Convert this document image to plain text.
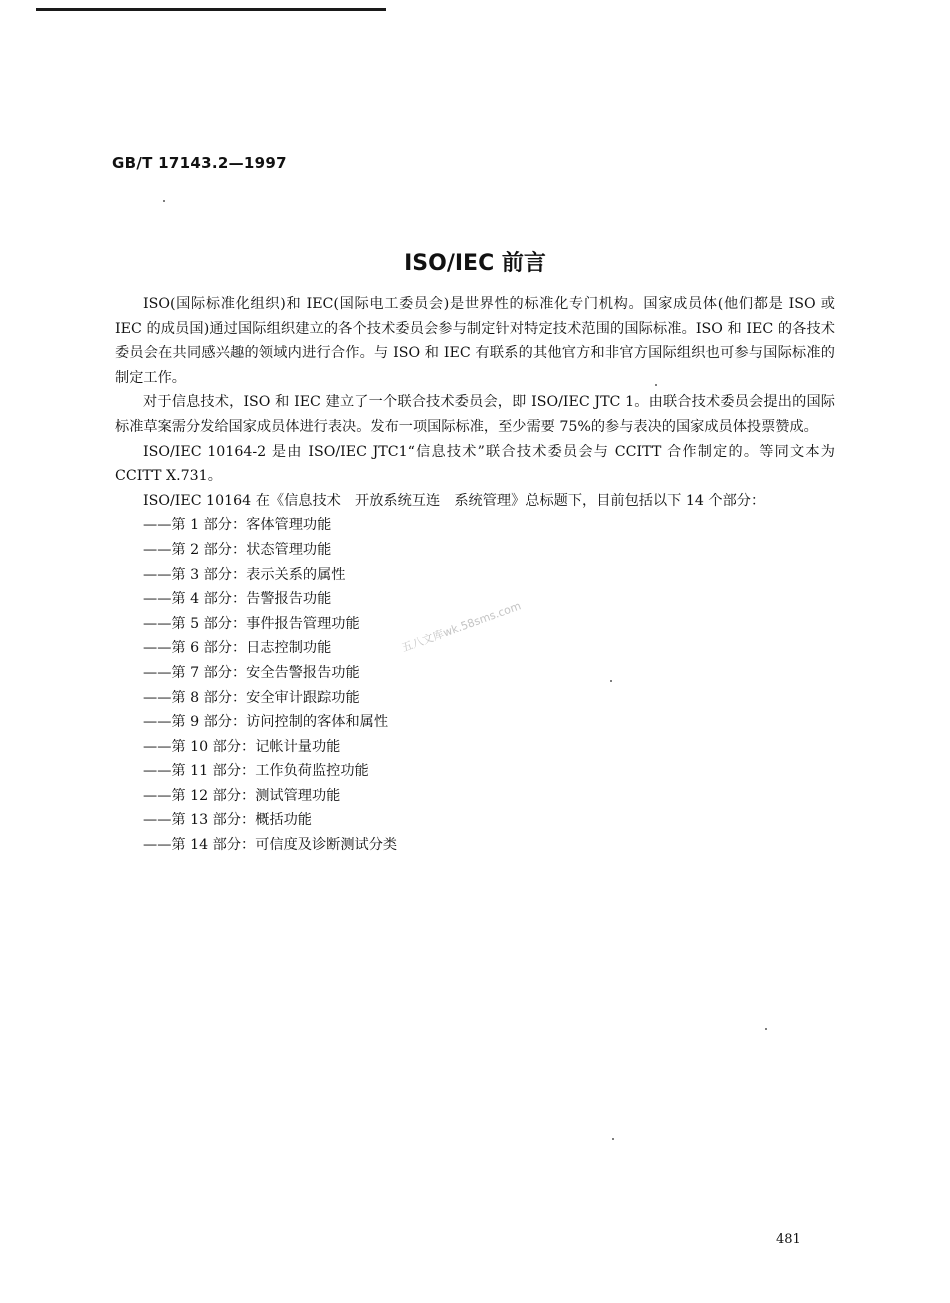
GB/T 17143.2—1997
ISO/IEC 前言

ISO(国际标准化组织)和 IEC(国际电工委员会)是世界性的标准化专门机构。国家成员体(他们都是 ISO 或 IEC 的成员国)通过国际组织建立的各个技术委员会参与制定针对特定技术范围的国际标准。ISO 和 IEC 的各技术委员会在共同感兴趣的领域内进行合作。与 ISO 和 IEC 有联系的其他官方和非官方国际组织也可参与国际标准的制定工作。

对于信息技术，ISO 和 IEC 建立了一个联合技术委员会，即 ISO/IEC JTC 1。由联合技术委员会提出的国际标准草案需分发给国家成员体进行表决。发布一项国际标准，至少需要 75%的参与表决的国家成员体投票赞成。

ISO/IEC 10164-2 是由 ISO/IEC JTC1“信息技术”联合技术委员会与 CCITT 合作制定的。等同文本为 CCITT X.731。

ISO/IEC 10164 在《信息技术　开放系统互连　系统管理》总标题下，目前包括以下 14 个部分：

——第 1 部分：客体管理功能
——第 2 部分：状态管理功能
——第 3 部分：表示关系的属性
——第 4 部分：告警报告功能
——第 5 部分：事件报告管理功能
——第 6 部分：日志控制功能
——第 7 部分：安全告警报告功能
——第 8 部分：安全审计跟踪功能
——第 9 部分：访问控制的客体和属性
——第 10 部分：记帐计量功能
——第 11 部分：工作负荷监控功能
——第 12 部分：测试管理功能
——第 13 部分：概括功能
——第 14 部分：可信度及诊断测试分类
五八文库wk.58sms.com
481
